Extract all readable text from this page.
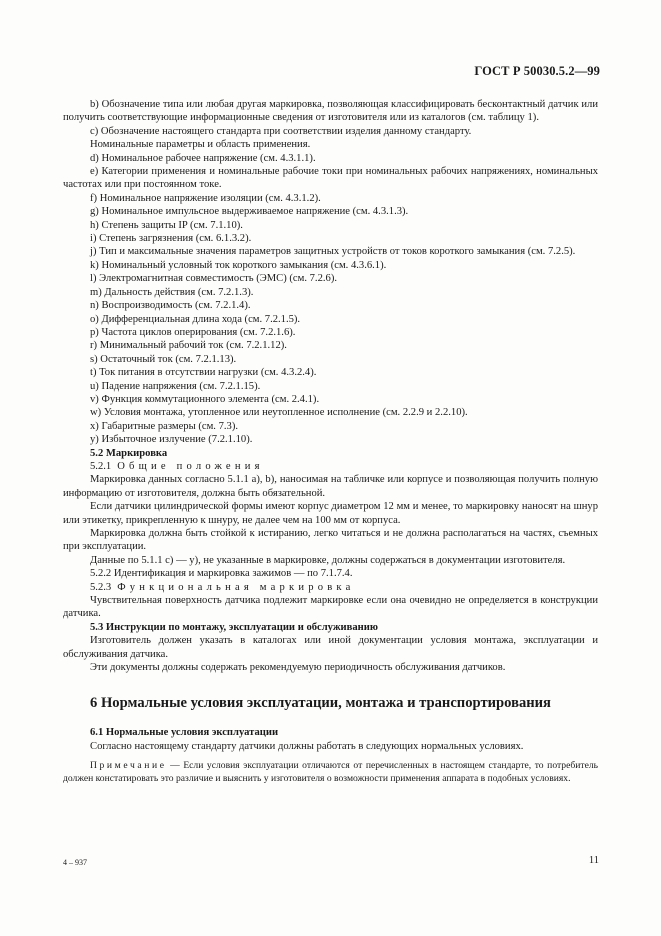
ГОСТ Р 50030.5.2—99

b) Обозначение типа или любая другая маркировка, позволяющая классифицировать бесконтактный датчик или получить соответствующие информационные сведения от изготовителя или из каталогов (см. таблицу 1).

c) Обозначение настоящего стандарта при соответствии изделия данному стандарту.

Номинальные параметры и область применения.

d) Номинальное рабочее напряжение (см. 4.3.1.1).

e) Категории применения и номинальные рабочие токи при номинальных рабочих напряжениях, номинальных частотах или при постоянном токе.

f) Номинальное напряжение изоляции (см. 4.3.1.2).

g) Номинальное импульсное выдерживаемое напряжение (см. 4.3.1.3).

h) Степень защиты IP (см. 7.1.10).

i) Степень загрязнения (см. 6.1.3.2).

j) Тип и максимальные значения параметров защитных устройств от токов короткого замыкания (см. 7.2.5).

k) Номинальный условный ток короткого замыкания (см. 4.3.6.1).

l) Электромагнитная совместимость (ЭМС) (см. 7.2.6).

m) Дальность действия (см. 7.2.1.3).

n) Воспроизводимость (см. 7.2.1.4).

o) Дифференциальная длина хода (см. 7.2.1.5).

p) Частота циклов оперирования (см. 7.2.1.6).

r) Минимальный рабочий ток (см. 7.2.1.12).

s) Остаточный ток (см. 7.2.1.13).

t) Ток питания в отсутствии нагрузки (см. 4.3.2.4).

u) Падение напряжения (см. 7.2.1.15).

v) Функция коммутационного элемента (см. 2.4.1).

w) Условия монтажа, утопленное или неутопленное исполнение (см. 2.2.9 и 2.2.10).

x) Габаритные размеры (см. 7.3).

y) Избыточное излучение (7.2.1.10).

5.2 Маркировка

5.2.1 Общие положения

Маркировка данных согласно 5.1.1 а), b), наносимая на табличке или корпусе и позволяющая получить полную информацию от изготовителя, должна быть обязательной.

Если датчики цилиндрической формы имеют корпус диаметром 12 мм и менее, то маркировку наносят на шнур или этикетку, прикрепленную к шнуру, не далее чем на 100 мм от корпуса.

Маркировка должна быть стойкой к истиранию, легко читаться и не должна располагаться на частях, съемных при эксплуатации.

Данные по 5.1.1 с) — у), не указанные в маркировке, должны содержаться в документации изготовителя.

5.2.2 Идентификация и маркировка зажимов — по 7.1.7.4.

5.2.3 Функциональная маркировка

Чувствительная поверхность датчика подлежит маркировке если она очевидно не определяется в конструкции датчика.

5.3 Инструкции по монтажу, эксплуатации и обслуживанию

Изготовитель должен указать в каталогах или иной документации условия монтажа, эксплуатации и обслуживания датчика.

Эти документы должны содержать рекомендуемую периодичность обслуживания датчиков.

6 Нормальные условия эксплуатации, монтажа и транспортирования

6.1 Нормальные условия эксплуатации

Согласно настоящему стандарту датчики должны работать в следующих нормальных условиях.

Примечание — Если условия эксплуатации отличаются от перечисленных в настоящем стандарте, то потребитель должен констатировать это различие и выяснить у изготовителя о возможности применения аппарата в подобных условиях.

4 – 937	11
